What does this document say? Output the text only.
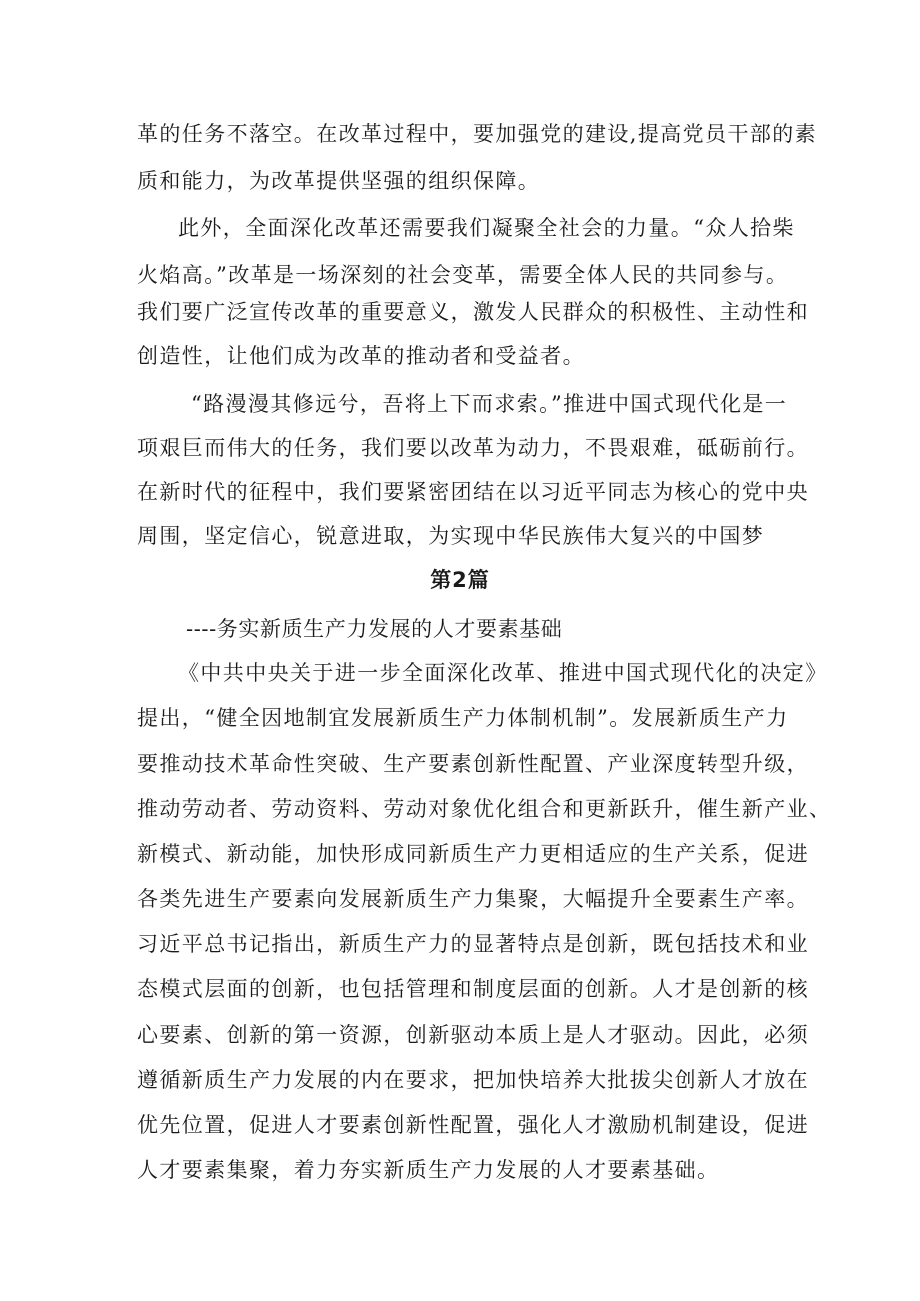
革的任务不落空。在改革过程中，要加强党的建设,提高党员干部的素
质和能力，为改革提供坚强的组织保障。
此外，全面深化改革还需要我们凝聚全社会的力量。“众人拾柴
火焰高。”改革是一场深刻的社会变革，需要全体人民的共同参与。
我们要广泛宣传改革的重要意义，激发人民群众的积极性、主动性和
创造性，让他们成为改革的推动者和受益者。
“路漫漫其修远兮，吾将上下而求索。”推进中国式现代化是一
项艰巨而伟大的任务，我们要以改革为动力，不畏艰难，砥砺前行。
在新时代的征程中，我们要紧密团结在以习近平同志为核心的党中央
周围，坚定信心，锐意进取，为实现中华民族伟大复兴的中国梦
第2篇
----务实新质生产力发展的人才要素基础
《中共中央关于进一步全面深化改革、推进中国式现代化的决定》
提出，“健全因地制宜发展新质生产力体制机制”。发展新质生产力
要推动技术革命性突破、生产要素创新性配置、产业深度转型升级，
推动劳动者、劳动资料、劳动对象优化组合和更新跃升，催生新产业、
新模式、新动能，加快形成同新质生产力更相适应的生产关系，促进
各类先进生产要素向发展新质生产力集聚，大幅提升全要素生产率。
习近平总书记指出，新质生产力的显著特点是创新，既包括技术和业
态模式层面的创新，也包括管理和制度层面的创新。人才是创新的核
心要素、创新的第一资源，创新驱动本质上是人才驱动。因此，必须
遵循新质生产力发展的内在要求，把加快培养大批拔尖创新人才放在
优先位置，促进人才要素创新性配置，强化人才激励机制建设，促进
人才要素集聚，着力夯实新质生产力发展的人才要素基础。
